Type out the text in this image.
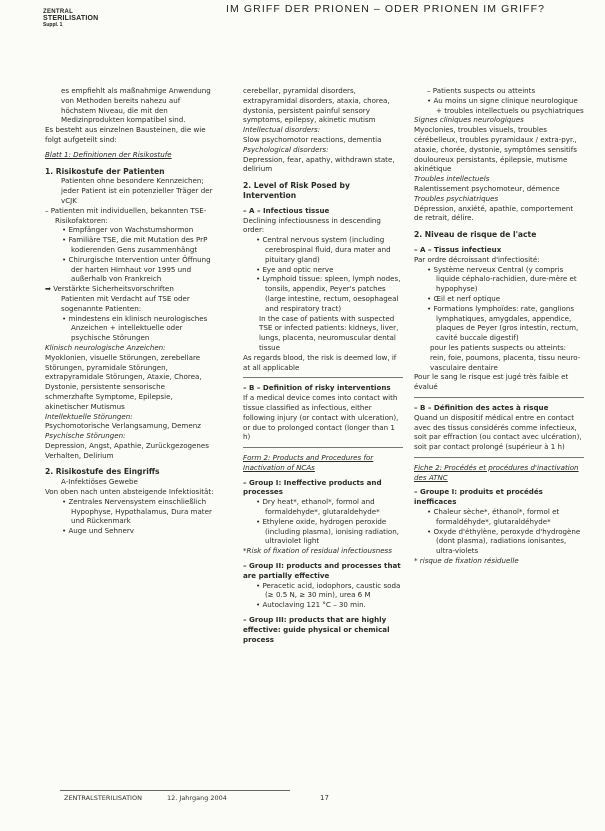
ZENTRAL
STERILISATION
Suppl. 1
IM GRIFF DER PRIONEN – ODER PRIONEN IM GRIFF?

es empfiehlt als maßnahmige Anwendung von Methoden bereits nahezu auf höchstem Niveau, die mit den Medizinprodukten kompatibel sind.

Es besteht aus einzelnen Bausteinen, die wie folgt aufgeteilt sind:

Blatt 1: Definitionen der Risikostufe

1. Risikostufe der Patienten

Patienten ohne besondere Kennzeichen; jeder Patient ist ein potenzieller Träger der vCJK

– Patienten mit individuellen, bekannten TSE-Risikofaktoren:

• Empfänger von Wachstumshormon

• Familiäre TSE, die mit Mutation des PrP kodierenden Gens zusammenhängt

• Chirurgische Intervention unter Öffnung der harten Hirnhaut vor 1995 und außerhalb von Frankreich

➡ Verstärkte Sicherheitsvorschriften

Patienten mit Verdacht auf TSE oder sogenannte Patienten:

• mindestens ein klinisch neurologisches Anzeichen + intellektuelle oder psychische Störungen

Klinisch neurologische Anzeichen:

Myoklonien, visuelle Störungen, zerebellare Störungen, pyramidale Störungen, extrapyramidale Störungen, Ataxie, Chorea, Dystonie, persistente sensorische schmerzhafte Symptome, Epilepsie, akinetischer Mutismus

Intellektuelle Störungen:

Psychomotorische Verlangsamung, Demenz

Psychische Störungen:

Depression, Angst, Apathie, Zurückgezogenes Verhalten, Delirium

2. Risikostufe des Eingriffs

A-Infektiöses Gewebe

Von oben nach unten absteigende Infektiosität:

• Zentrales Nervensystem einschließlich Hypophyse, Hypothalamus, Dura mater und Rückenmark

• Auge und Sehnerv

cerebellar, pyramidal disorders, extrapyramidal disorders, ataxia, chorea, dystonia, persistent painful sensory symptoms, epilepsy, akinetic mutism

Intellectual disorders:

Slow psychomotor reactions, dementia

Psychological disorders:

Depression, fear, apathy, withdrawn state, delirium

2. Level of Risk Posed by Intervention

– A – Infectious tissue

Declining infectiousness in descending order:

• Central nervous system (including cerebrospinal fluid, dura mater and pituitary gland)

• Eye and optic nerve

• Lymphoid tissue: spleen, lymph nodes, tonsils, appendix, Peyer's patches (large intestine, rectum, oesophageal and respiratory tract)

In the case of patients with suspected TSE or infected patients: kidneys, liver, lungs, placenta, neuromuscular dental tissue

As regards blood, the risk is deemed low, if at all applicable

– B – Definition of risky interventions

If a medical device comes into contact with tissue classified as infectious, either following injury (or contact with ulceration), or due to prolonged contact (longer than 1 h)

Form 2: Products and Procedures for Inactivation of NCAs

– Group I: Ineffective products and processes

• Dry heat*, ethanol*, formol and formaldehyde*, glutaraldehyde*

• Ethylene oxide, hydrogen peroxide (including plasma), ionising radiation, ultraviolet light

*Risk of fixation of residual infectiousness

– Group II: products and processes that are partially effective

• Peracetic acid, iodophors, caustic soda (≥ 0.5 N, ≥ 30 min), urea 6 M

• Autoclaving 121 °C – 30 min.

– Group III: products that are highly effective: guide physical or chemical process

– Patients suspects ou atteints

• Au moins un signe clinique neurologique + troubles intellectuels ou psychiatriques

Signes cliniques neurologiques

Myoclonies, troubles visuels, troubles cérébelleux, troubles pyramidaux / extra-pyr., ataxie, chorée, dystonie, symptômes sensitifs douloureux persistants, épilepsie, mutisme akinétique

Troubles intellectuels

Ralentissement psychomoteur, démence

Troubles psychiatriques

Dépression, anxiété, apathie, comportement de retrait, délire.

2. Niveau de risque de l'acte

– A – Tissus infectieux

Par ordre décroissant d'infectiosité:

• Système nerveux Central (y compris liquide céphalo-rachidien, dure-mère et hypophyse)

• Œil et nerf optique

• Formations lymphoïdes: rate, ganglions lymphatiques, amygdales, appendice, plaques de Peyer (gros intestin, rectum, cavité buccale digestif)

pour les patients suspects ou atteints: rein, foie, poumons, placenta, tissu neuro-vasculaire dentaire

Pour le sang le risque est jugé très faible et évalué

– B – Définition des actes à risque

Quand un dispositif médical entre en contact avec des tissus considérés comme infectieux, soit par effraction (ou contact avec ulcération), soit par contact prolongé (supérieur à 1 h)

Fiche 2: Procédés et procédures d'inactivation des ATNC

– Groupe I: produits et procédés inefficaces

• Chaleur sèche*, éthanol*, formol et formaldéhyde*, glutaraldéhyde*

• Oxyde d'éthylène, peroxyde d'hydrogène (dont plasma), radiations ionisantes, ultra-violets

* risque de fixation résiduelle

ZENTRALSTERILISATION	12. Jahrgang 2004	17
